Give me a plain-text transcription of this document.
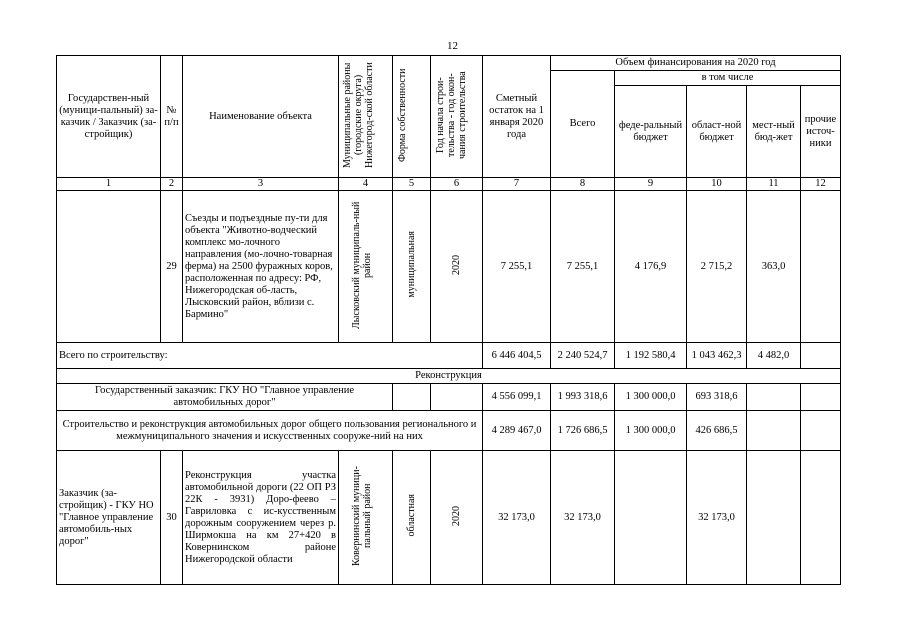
12
Государствен-ный (муници-пальный) за-казчик / Заказчик (за-стройщик)	№ п/п	Наименование объекта	Муниципальные районы (городские округа) Нижегород-ской области	Форма собственности	Год начала строи-тельства - год окон-чания строительства	Сметный остаток на 1 января 2020 года	Объем финансирования на 2020 год				
							Всего	в том числе			
								феде-ральный бюджет	област-ной бюджет	мест-ный бюд-жет	прочие источ-ники
1	2	3	4	5	6	7	8	9	10	11	12
	29	Съезды и подъездные пу-ти для объекта "Животно-водческий комплекс мо-лочного направления (мо-лочно-товарная ферма) на 2500 фуражных коров, расположенная по адресу: РФ, Нижегородская об-ласть, Лысковский район, вблизи с. Бармино"	Лысковский муниципаль-ный район	муниципальная	2020	7 255,1	7 255,1	4 176,9	2 715,2	363,0	
Всего по строительству:						6 446 404,5	2 240 524,7	1 192 580,4	1 043 462,3	4 482,0	
Реконструкция											
Государственный заказчик: ГКУ НО "Главное управление автомобильных дорог"						4 556 099,1	1 993 318,6	1 300 000,0	693 318,6		
Строительство и реконструкция автомобильных дорог общего пользования регионального и межмуниципального значения и искусственных сооруже-ний на них						4 289 467,0	1 726 686,5	1 300 000,0	426 686,5		
Заказчик (за-стройщик) - ГКУ НО "Главное управление автомобиль-ных дорог"	30	Реконструкция участка автомобильной дороги (22 ОП РЗ 22К - 3931) Доро-феево – Гавриловка с ис-кусственным дорожным сооружением через р. Ширмокша на км 27+420 в Ковернинском районе Нижегородской области	Ковернинский муници-пальный район	областная	2020	32 173,0	32 173,0		32 173,0		
